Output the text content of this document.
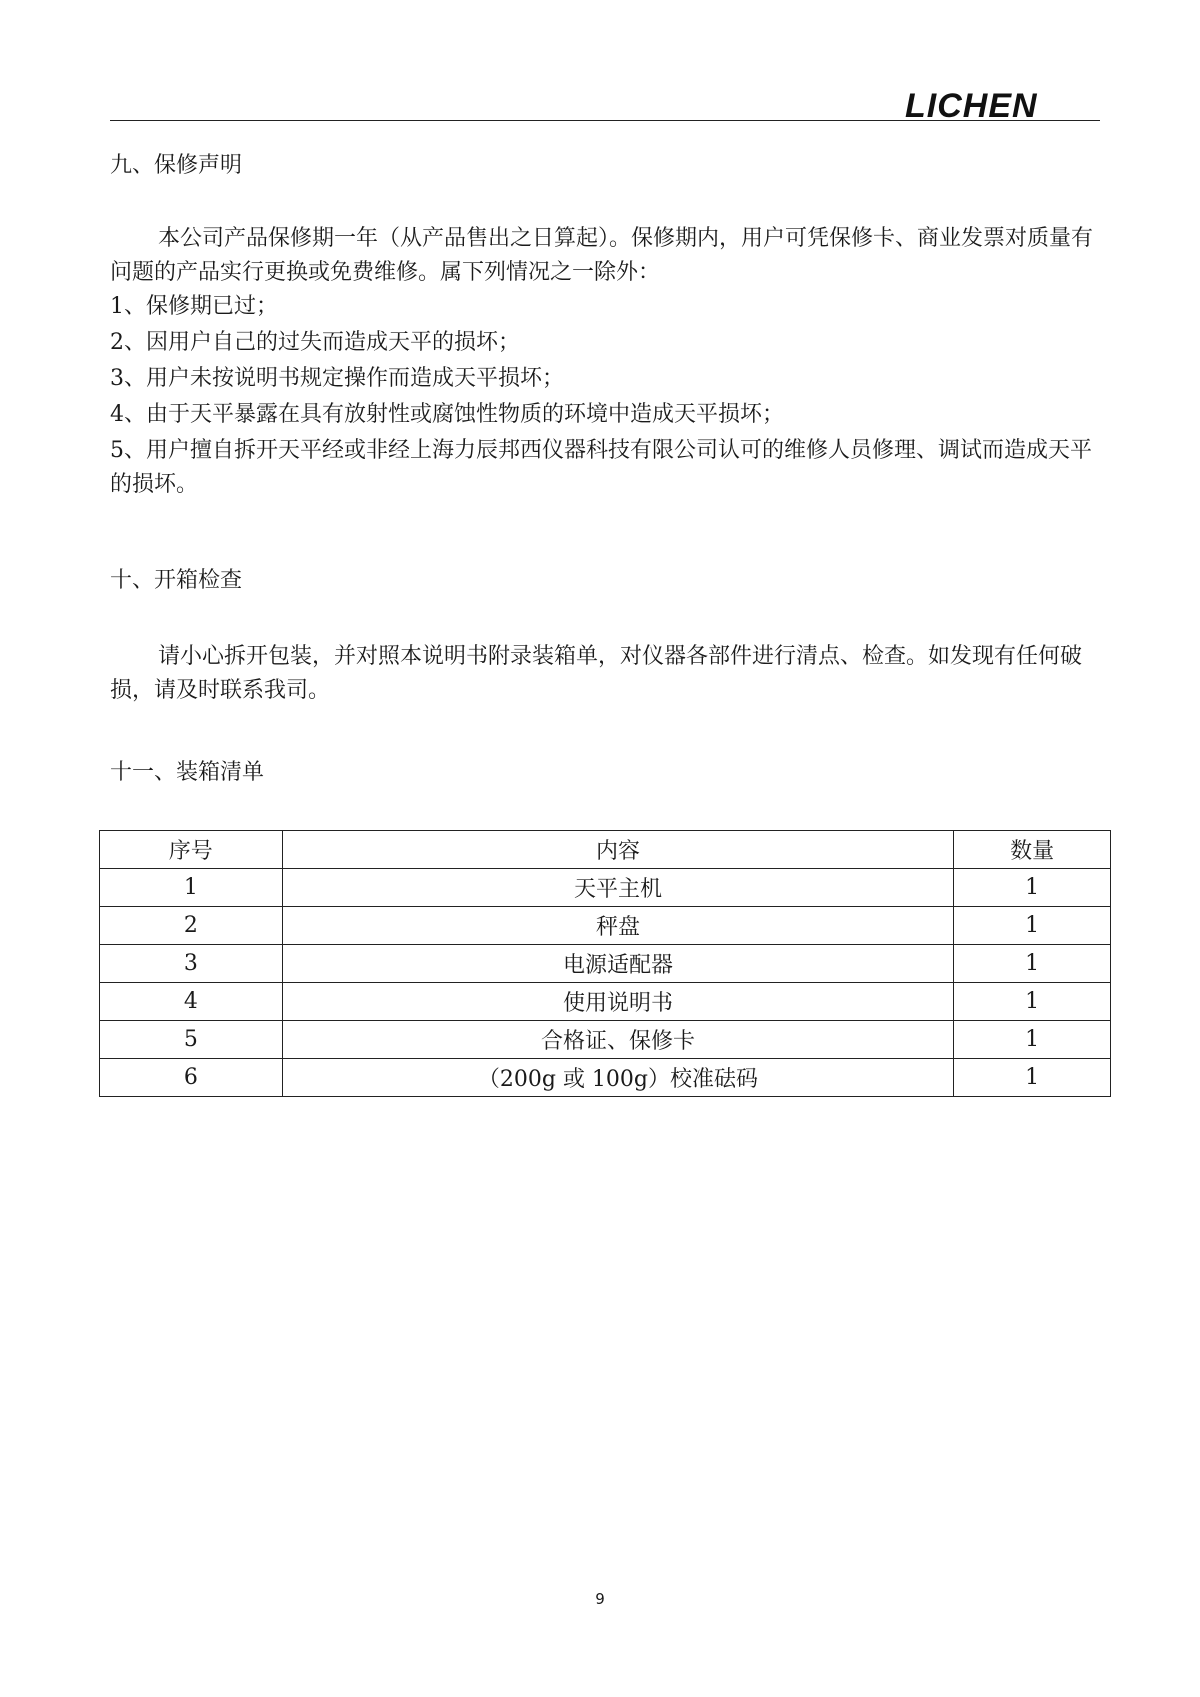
LICHEN
九、保修声明
本公司产品保修期一年（从产品售出之日算起）。保修期内，用户可凭保修卡、商业发票对质量有问题的产品实行更换或免费维修。属下列情况之一除外：
1、保修期已过；
2、因用户自己的过失而造成天平的损坏；
3、用户未按说明书规定操作而造成天平损坏；
4、由于天平暴露在具有放射性或腐蚀性物质的环境中造成天平损坏；
5、用户擅自拆开天平经或非经上海力辰邦西仪器科技有限公司认可的维修人员修理、调试而造成天平的损坏。
十、开箱检查
请小心拆开包装，并对照本说明书附录装箱单，对仪器各部件进行清点、检查。如发现有任何破损，请及时联系我司。
十一、装箱清单
序号	内容	数量
1	天平主机	1
2	秤盘	1
3	电源适配器	1
4	使用说明书	1
5	合格证、保修卡	1
6	（200g 或 100g）校准砝码	1
9
